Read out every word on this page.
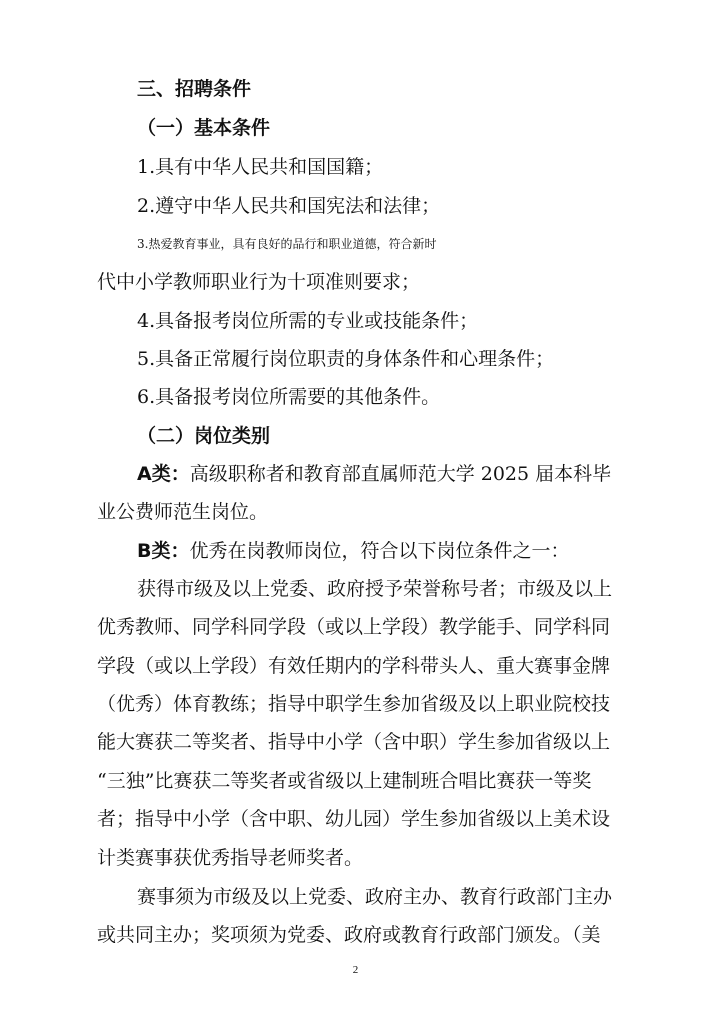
三、招聘条件
（一）基本条件
1.具有中华人民共和国国籍；
2.遵守中华人民共和国宪法和法律；
3.热爱教育事业，具有良好的品行和职业道德，符合新时
代中小学教师职业行为十项准则要求；
4.具备报考岗位所需的专业或技能条件；
5.具备正常履行岗位职责的身体条件和心理条件；
6.具备报考岗位所需要的其他条件。
（二）岗位类别
A类：高级职称者和教育部直属师范大学 2025 届本科毕
业公费师范生岗位。
B类：优秀在岗教师岗位，符合以下岗位条件之一：
获得市级及以上党委、政府授予荣誉称号者；市级及以上
优秀教师、同学科同学段（或以上学段）教学能手、同学科同
学段（或以上学段）有效任期内的学科带头人、重大赛事金牌
（优秀）体育教练；指导中职学生参加省级及以上职业院校技
能大赛获二等奖者、指导中小学（含中职）学生参加省级以上
“三独”比赛获二等奖者或省级以上建制班合唱比赛获一等奖
者；指导中小学（含中职、幼儿园）学生参加省级以上美术设
计类赛事获优秀指导老师奖者。
赛事须为市级及以上党委、政府主办、教育行政部门主办
或共同主办；奖项须为党委、政府或教育行政部门颁发。（美
2
